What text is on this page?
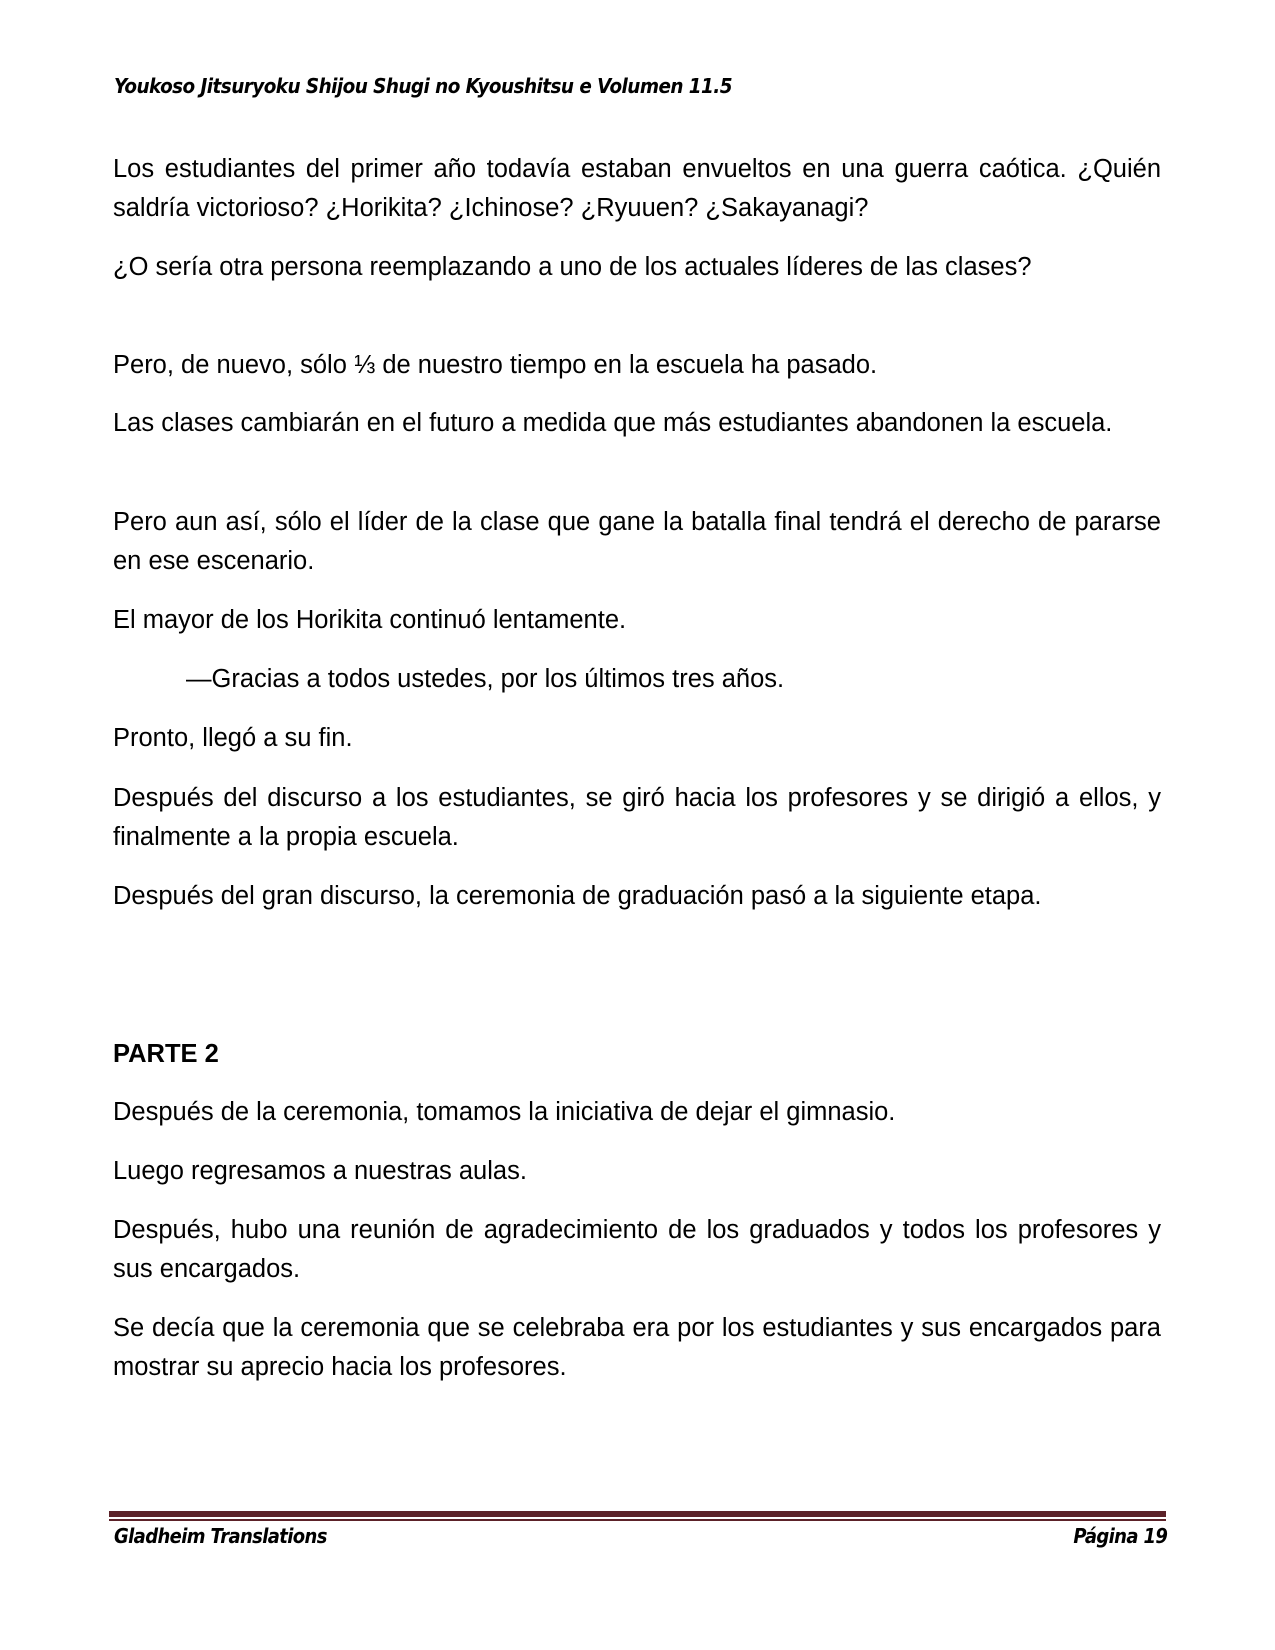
Youkoso Jitsuryoku Shijou Shugi no Kyoushitsu e Volumen 11.5

Los estudiantes del primer año todavía estaban envueltos en una guerra caótica. ¿Quién saldría victorioso? ¿Horikita? ¿Ichinose? ¿Ryuuen? ¿Sakayanagi?

¿O sería otra persona reemplazando a uno de los actuales líderes de las clases?

Pero, de nuevo, sólo ⅓ de nuestro tiempo en la escuela ha pasado.

Las clases cambiarán en el futuro a medida que más estudiantes abandonen la escuela.

Pero aun así, sólo el líder de la clase que gane la batalla final tendrá el derecho de pararse en ese escenario.

El mayor de los Horikita continuó lentamente.

—Gracias a todos ustedes, por los últimos tres años.

Pronto, llegó a su fin.

Después del discurso a los estudiantes, se giró hacia los profesores y se dirigió a ellos, y finalmente a la propia escuela.

Después del gran discurso, la ceremonia de graduación pasó a la siguiente etapa.

PARTE 2

Después de la ceremonia, tomamos la iniciativa de dejar el gimnasio.

Luego regresamos a nuestras aulas.

Después, hubo una reunión de agradecimiento de los graduados y todos los profesores y sus encargados.

Se decía que la ceremonia que se celebraba era por los estudiantes y sus encargados para mostrar su aprecio hacia los profesores.

Gladheim Translations	Página 19
